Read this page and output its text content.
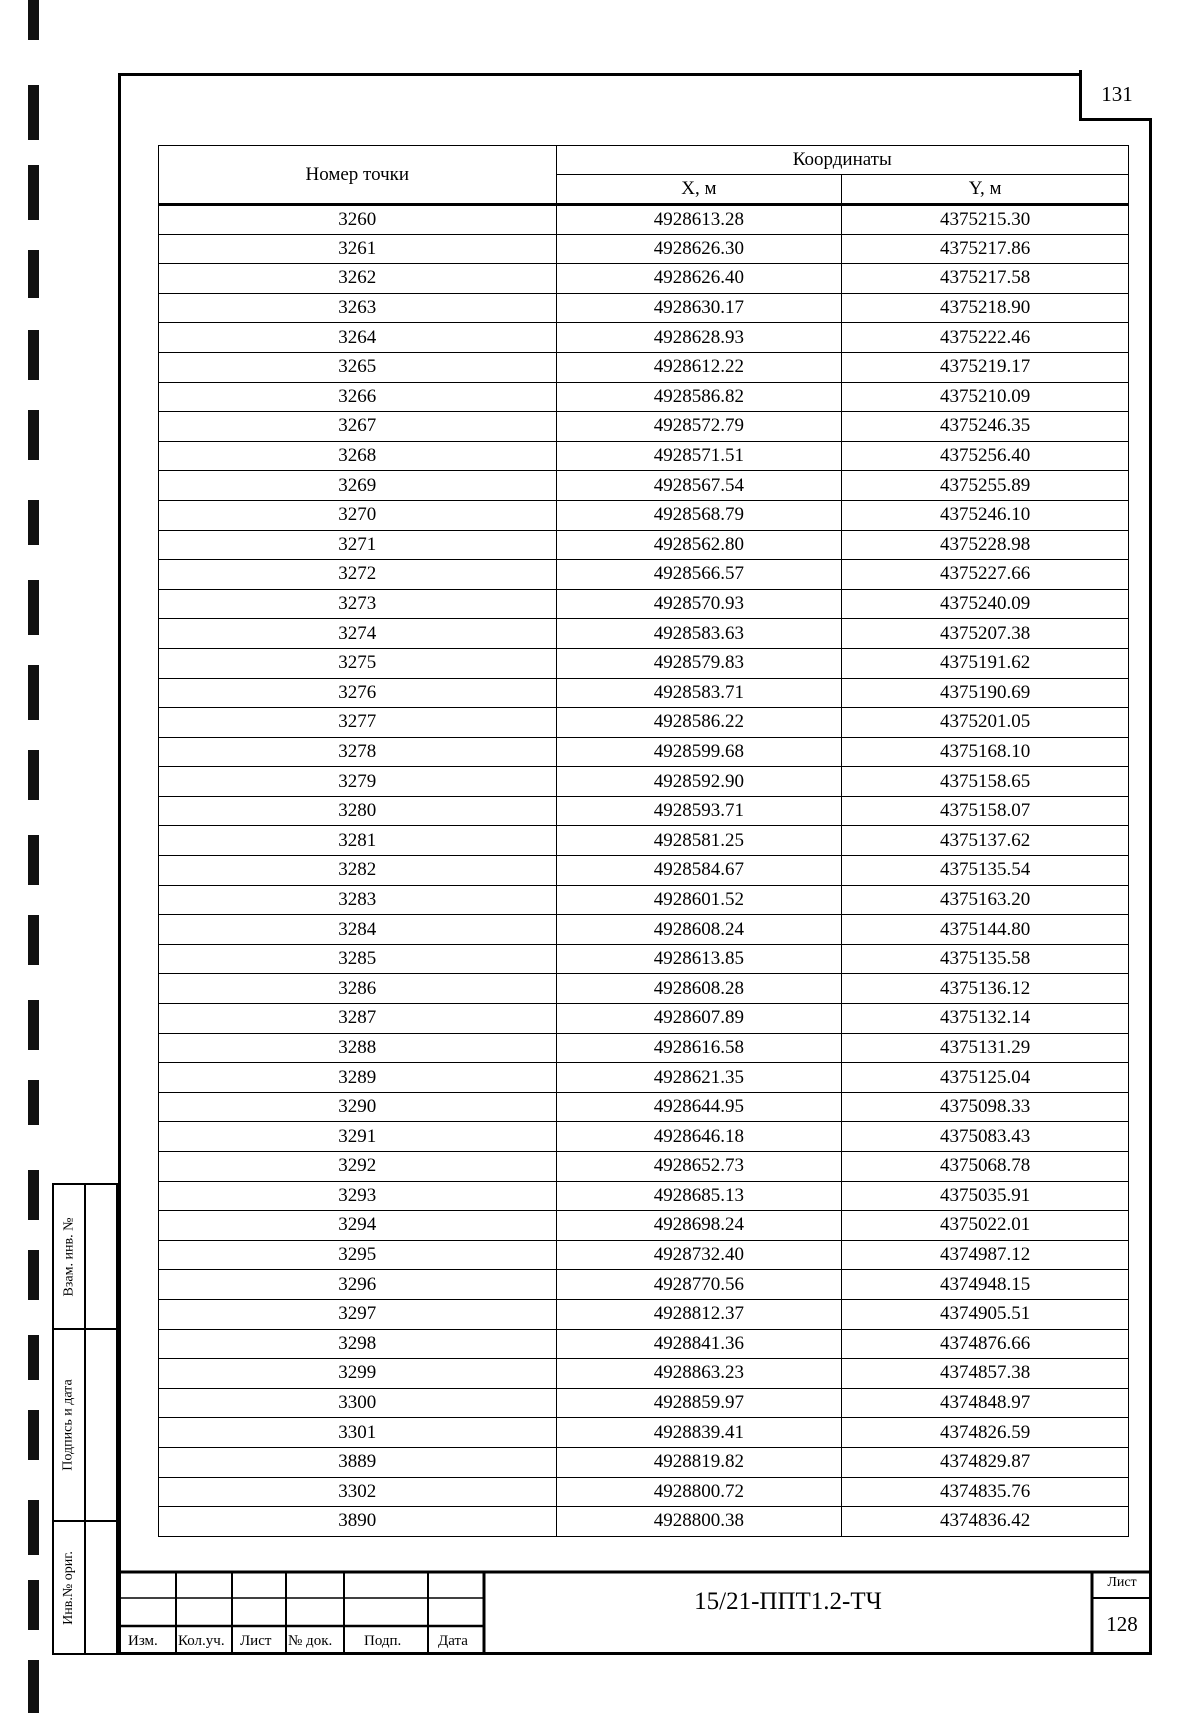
131
Взам. инв. №
Подпись и дата
Инв.№ ориг.
Номер точки	Координаты	
	X, м	Y, м
3260	4928613.28	4375215.30
3261	4928626.30	4375217.86
3262	4928626.40	4375217.58
3263	4928630.17	4375218.90
3264	4928628.93	4375222.46
3265	4928612.22	4375219.17
3266	4928586.82	4375210.09
3267	4928572.79	4375246.35
3268	4928571.51	4375256.40
3269	4928567.54	4375255.89
3270	4928568.79	4375246.10
3271	4928562.80	4375228.98
3272	4928566.57	4375227.66
3273	4928570.93	4375240.09
3274	4928583.63	4375207.38
3275	4928579.83	4375191.62
3276	4928583.71	4375190.69
3277	4928586.22	4375201.05
3278	4928599.68	4375168.10
3279	4928592.90	4375158.65
3280	4928593.71	4375158.07
3281	4928581.25	4375137.62
3282	4928584.67	4375135.54
3283	4928601.52	4375163.20
3284	4928608.24	4375144.80
3285	4928613.85	4375135.58
3286	4928608.28	4375136.12
3287	4928607.89	4375132.14
3288	4928616.58	4375131.29
3289	4928621.35	4375125.04
3290	4928644.95	4375098.33
3291	4928646.18	4375083.43
3292	4928652.73	4375068.78
3293	4928685.13	4375035.91
3294	4928698.24	4375022.01
3295	4928732.40	4374987.12
3296	4928770.56	4374948.15
3297	4928812.37	4374905.51
3298	4928841.36	4374876.66
3299	4928863.23	4374857.38
3300	4928859.97	4374848.97
3301	4928839.41	4374826.59
3889	4928819.82	4374829.87
3302	4928800.72	4374835.76
3890	4928800.38	4374836.42
Изм. Кол.уч. Лист № док. Подп. Дата
15/21-ППТ1.2-ТЧ
Лист
128
